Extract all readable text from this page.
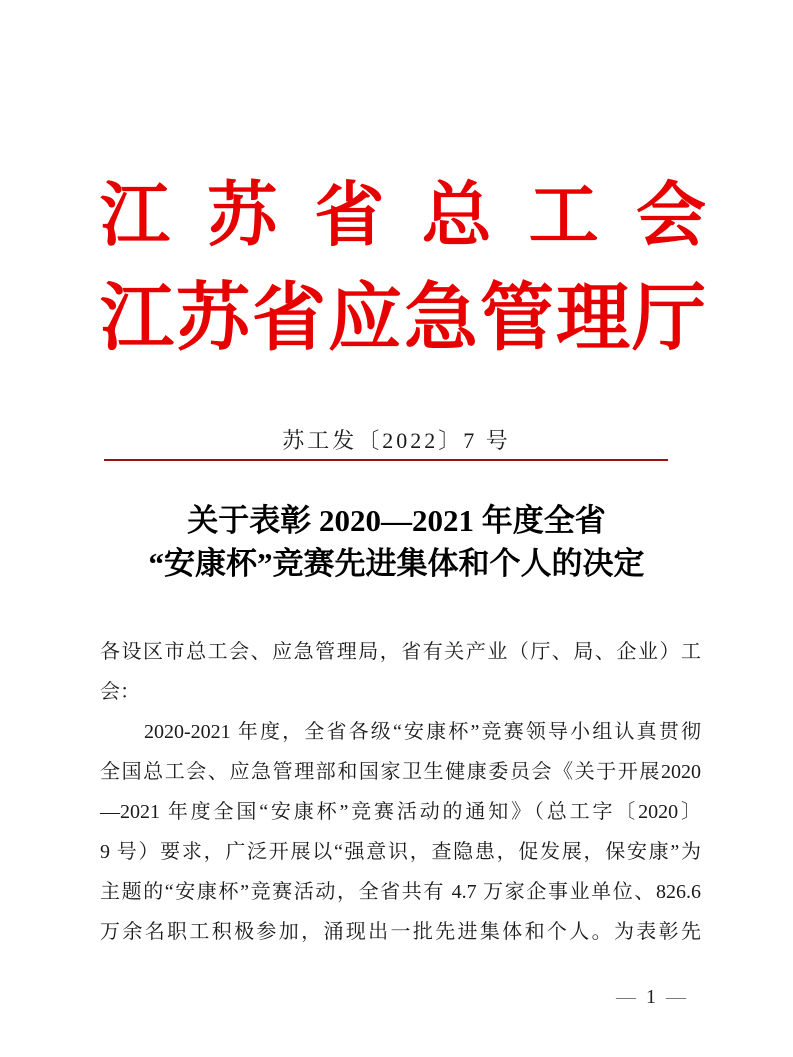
江 苏 省 总 工 会
江 苏 省 应 急 管 理 厅
苏工发〔2022〕7 号
关于表彰 2020—2021 年度全省
“安康杯”竞赛先进集体和个人的决定
各设区市总工会、应急管理局，省有关产业（厅、局、企业）工
会：
2020-2021 年度，全省各级“安康杯”竞赛领导小组认真贯彻
全国总工会、应急管理部和国家卫生健康委员会《关于开展2020
—2021 年度全国“安康杯”竞赛活动的通知》（总工字〔2020〕
9 号）要求，广泛开展以“强意识，查隐患，促发展，保安康”为
主题的“安康杯”竞赛活动，全省共有 4.7 万家企事业单位、826.6
万余名职工积极参加，涌现出一批先进集体和个人。为表彰先
— 1 —
